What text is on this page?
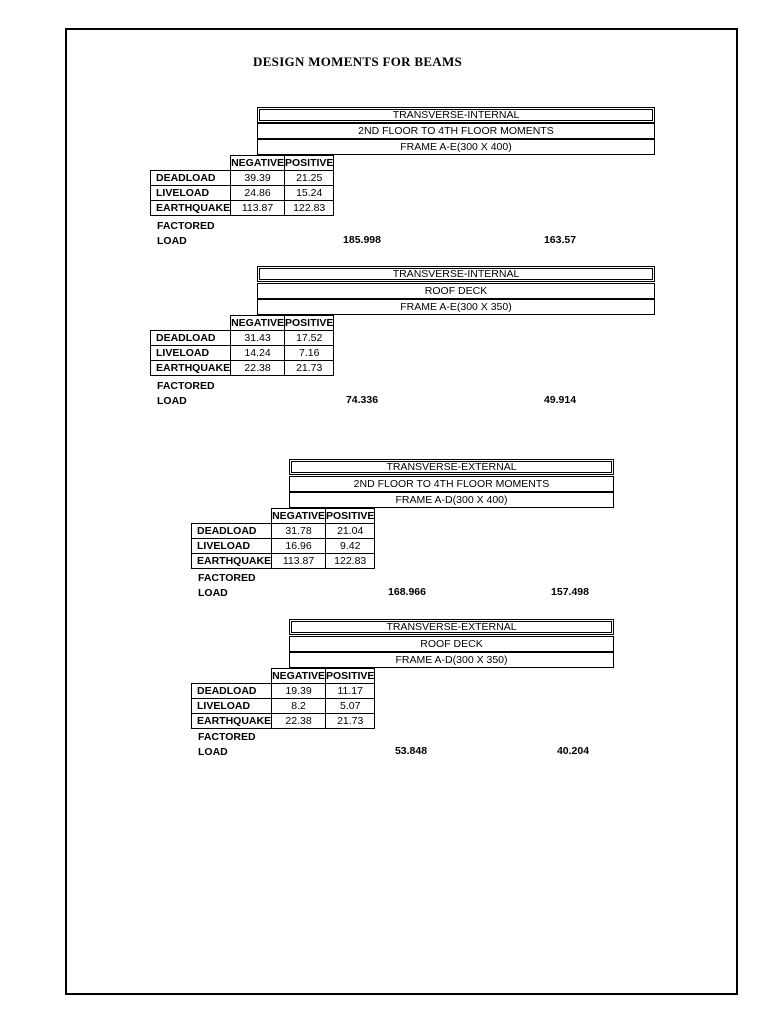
DESIGN MOMENTS FOR BEAMS
TRANSVERSE-INTERNAL
2ND FLOOR TO 4TH FLOOR MOMENTS
FRAME A-E(300 X 400)
	NEGATIVE	POSITIVE
DEADLOAD	39.39	21.25
LIVELOAD	24.86	15.24
EARTHQUAKE	113.87	122.83
FACTORED
LOAD	185.998	163.57
TRANSVERSE-INTERNAL
ROOF DECK
FRAME A-E(300 X 350)
	NEGATIVE	POSITIVE
DEADLOAD	31.43	17.52
LIVELOAD	14.24	7.16
EARTHQUAKE	22.38	21.73
FACTORED
LOAD	74.336	49.914
TRANSVERSE-EXTERNAL
2ND FLOOR TO 4TH FLOOR MOMENTS
FRAME A-D(300 X 400)
	NEGATIVE	POSITIVE
DEADLOAD	31.78	21.04
LIVELOAD	16.96	9.42
EARTHQUAKE	113.87	122.83
FACTORED
LOAD	168.966	157.498
TRANSVERSE-EXTERNAL
ROOF DECK
FRAME A-D(300 X 350)
	NEGATIVE	POSITIVE
DEADLOAD	19.39	11.17
LIVELOAD	8.2	5.07
EARTHQUAKE	22.38	21.73
FACTORED
LOAD	53.848	40.204
